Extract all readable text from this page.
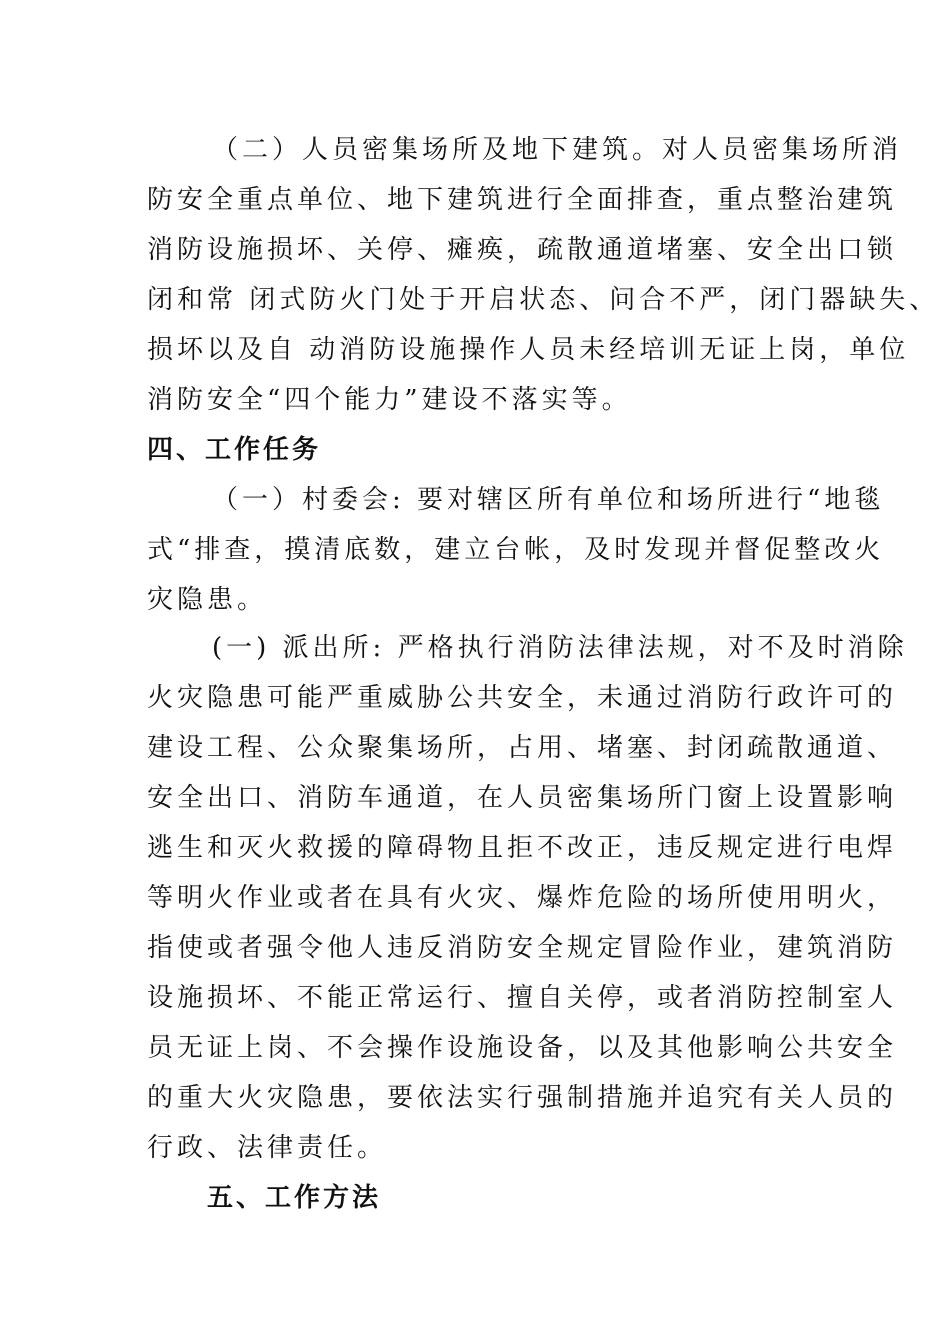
（二）人员密集场所及地下建筑。对人员密集场所消
防安全重点单位、地下建筑进行全面排查，重点整治建筑
消防设施损坏、关停、瘫痪，疏散通道堵塞、安全出口锁
闭和常 闭式防火门处于开启状态、问合不严，闭门器缺失、
损坏以及自 动消防设施操作人员未经培训无证上岗，单位
消防安全“四个能力”建设不落实等。
四、工作任务
（一）村委会: 要对辖区所有单位和场所进行“地毯
式“排查，摸清底数，建立台帐，及时发现并督促整改火
灾隐患。
(一) 派出所: 严格执行消防法律法规，对不及时消除
火灾隐患可能严重威胁公共安全，未通过消防行政许可的
建设工程、公众聚集场所，占用、堵塞、封闭疏散通道、
安全出口、消防车通道，在人员密集场所门窗上设置影响
逃生和灭火救援的障碍物且拒不改正，违反规定进行电焊
等明火作业或者在具有火灾、爆炸危险的场所使用明火，
指使或者强令他人违反消防安全规定冒险作业，建筑消防
设施损坏、不能正常运行、擅自关停，或者消防控制室人
员无证上岗、不会操作设施设备，以及其他影响公共安全
的重大火灾隐患，要依法实行强制措施并追究有关人员的
行政、法律责任。
五、工作方法
